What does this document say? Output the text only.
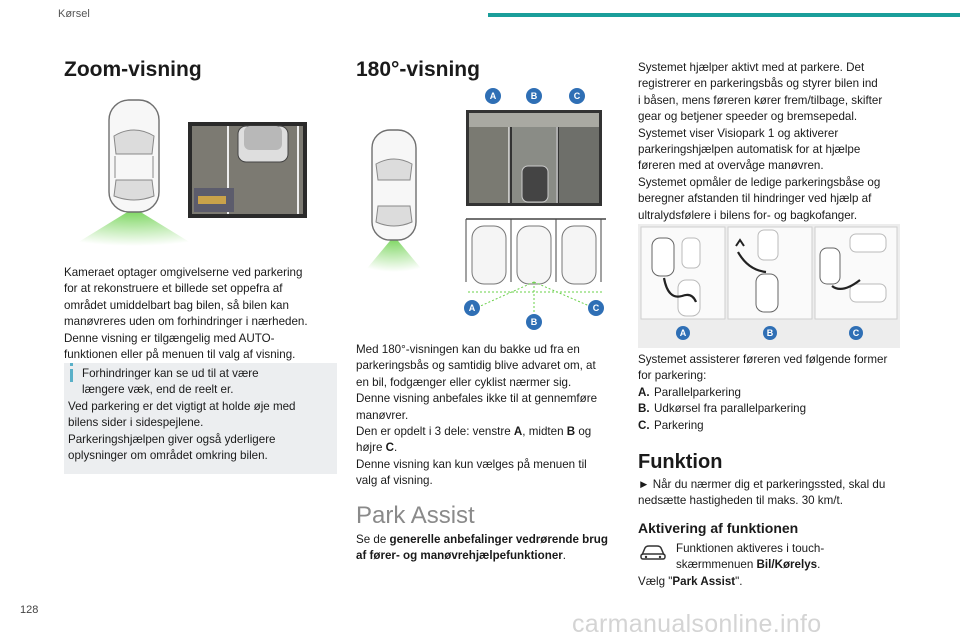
Kørsel
Zoom-visning

Kameraet optager omgivelserne ved parkering

for at rekonstruere et billede set oppefra af

området umiddelbart bag bilen, så bilen kan

manøvreres uden om forhindringer i nærheden.

Denne visning er tilgængelig med AUTO-

funktionen eller på menuen til valg af visning.

Forhindringer kan se ud til at være

længere væk, end de reelt er.

Ved parkering er det vigtigt at holde øje med

bilens sider i sidespejlene.

Parkeringshjælpen giver også yderligere

oplysninger om området omkring bilen.

180°-visning
A	B	C
A
B
C

Med 180°-visningen kan du bakke ud fra en

parkeringsbås og samtidig blive advaret om, at

en bil, fodgænger eller cyklist nærmer sig.

Denne visning anbefales ikke til at gennemføre

manøvrer.

Den er opdelt i 3 dele: venstre A, midten B og

højre C.

Denne visning kan kun vælges på menuen til

valg af visning.

Park Assist

Se de generelle anbefalinger vedrørende brug

af fører- og manøvrehjælpefunktioner.

Systemet hjælper aktivt med at parkere. Det

registrerer en parkeringsbås og styrer bilen ind

i båsen, mens føreren kører frem/tilbage, skifter

gear og betjener speeder og bremsepedal.

Systemet viser Visiopark 1 og aktiverer

parkeringshjælpen automatisk for at hjælpe

føreren med at overvåge manøvren.

Systemet opmåler de ledige parkeringsbåse og

beregner afstanden til hindringer ved hjælp af

ultralydsfølere i bilens for- og bagkofanger.

A	B	C

Systemet assisterer føreren ved følgende former

for parkering:

A. Parallelparkering
B. Udkørsel fra parallelparkering
C. Parkering
Funktion

► Når du nærmer dig et parkeringssted, skal du

nedsætte hastigheden til maks. 30 km/t.

Aktivering af funktionen

Funktionen aktiveres i touch-

skærmmenuen Bil/Kørelys.

Vælg "Park Assist".

128	carmanualsonline.info
